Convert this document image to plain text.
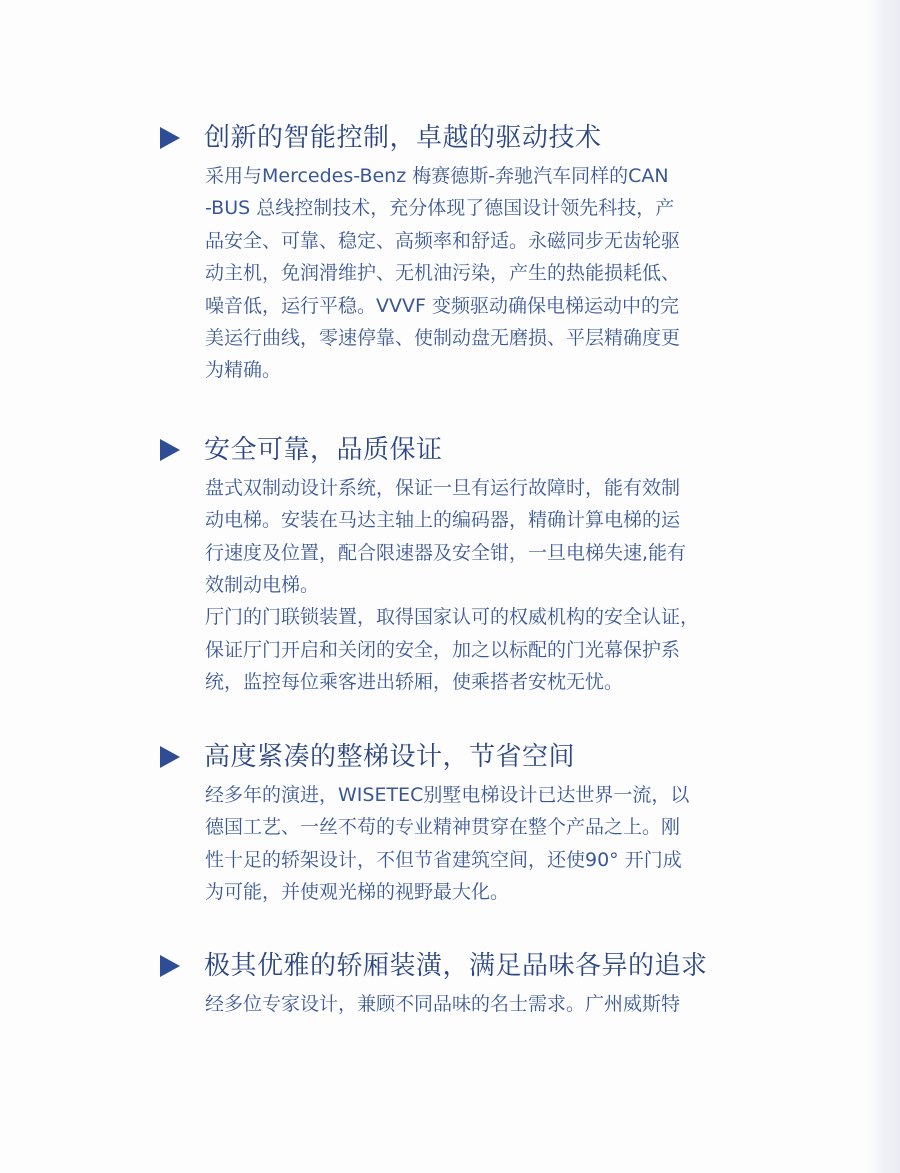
创新的智能控制，卓越的驱动技术
采用与Mercedes-Benz 梅赛德斯-奔驰汽车同样的CAN
-BUS 总线控制技术，充分体现了德国设计领先科技，产
品安全、可靠、稳定、高频率和舒适。永磁同步无齿轮驱
动主机，免润滑维护、无机油污染，产生的热能损耗低、
噪音低，运行平稳。VVVF 变频驱动确保电梯运动中的完
美运行曲线，零速停靠、使制动盘无磨损、平层精确度更
为精确。
安全可靠，品质保证
盘式双制动设计系统，保证一旦有运行故障时，能有效制
动电梯。安装在马达主轴上的编码器，精确计算电梯的运
行速度及位置，配合限速器及安全钳，一旦电梯失速,能有
效制动电梯。
厅门的门联锁装置，取得国家认可的权威机构的安全认证，
保证厅门开启和关闭的安全，加之以标配的门光幕保护系
统，监控每位乘客进出轿厢，使乘搭者安枕无忧。
高度紧凑的整梯设计，节省空间
经多年的演进，WISETEC别墅电梯设计已达世界一流，以
德国工艺、一丝不苟的专业精神贯穿在整个产品之上。刚
性十足的轿架设计，不但节省建筑空间，还使90° 开门成
为可能，并使观光梯的视野最大化。
极其优雅的轿厢装潢，满足品味各异的追求
经多位专家设计，兼顾不同品味的名士需求。广州威斯特
